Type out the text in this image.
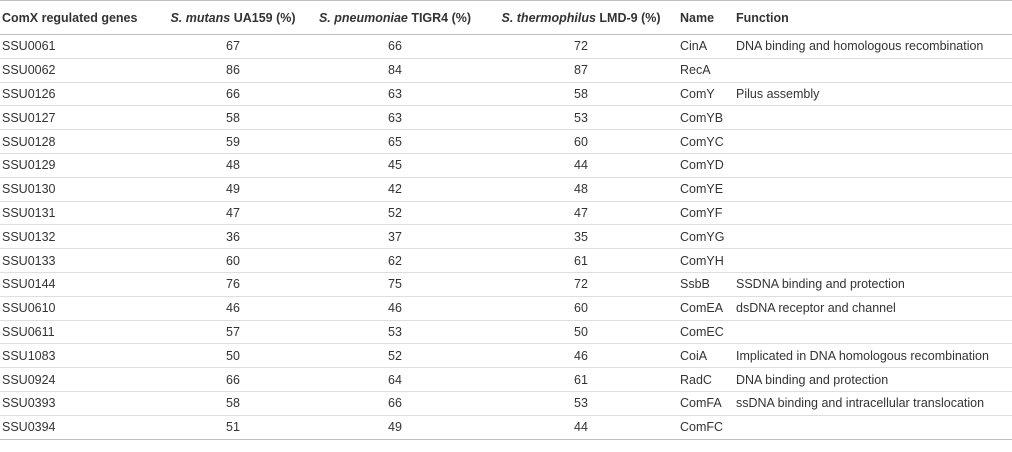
ComX regulated genes	S. mutans UA159 (%)	S. pneumoniae TIGR4 (%)	S. thermophilus LMD-9 (%)	Name	Function
SSU0061	67	66	72	CinA	DNA binding and homologous recombination
SSU0062	86	84	87	RecA	
SSU0126	66	63	58	ComY	Pilus assembly
SSU0127	58	63	53	ComYB	
SSU0128	59	65	60	ComYC	
SSU0129	48	45	44	ComYD	
SSU0130	49	42	48	ComYE	
SSU0131	47	52	47	ComYF	
SSU0132	36	37	35	ComYG	
SSU0133	60	62	61	ComYH	
SSU0144	76	75	72	SsbB	SSDNA binding and protection
SSU0610	46	46	60	ComEA	dsDNA receptor and channel
SSU0611	57	53	50	ComEC	
SSU1083	50	52	46	CoiA	Implicated in DNA homologous recombination
SSU0924	66	64	61	RadC	DNA binding and protection
SSU0393	58	66	53	ComFA	ssDNA binding and intracellular translocation
SSU0394	51	49	44	ComFC	
